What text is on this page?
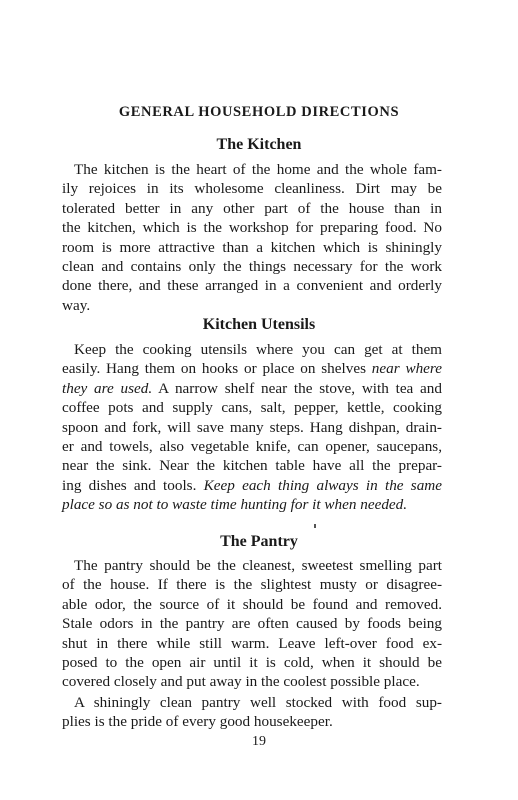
GENERAL HOUSEHOLD DIRECTIONS
The Kitchen
The kitchen is the heart of the home and the whole fam-
ily rejoices in its wholesome cleanliness. Dirt may be
tolerated better in any other part of the house than in
the kitchen, which is the workshop for preparing food. No
room is more attractive than a kitchen which is shiningly
clean and contains only the things necessary for the work
done there, and these arranged in a convenient and orderly
way.
Kitchen Utensils
Keep the cooking utensils where you can get at them
easily. Hang them on hooks or place on shelves near where
they are used. A narrow shelf near the stove, with tea and
coffee pots and supply cans, salt, pepper, kettle, cooking
spoon and fork, will save many steps. Hang dishpan, drain-
er and towels, also vegetable knife, can opener, saucepans,
near the sink. Near the kitchen table have all the prepar-
ing dishes and tools. Keep each thing always in the same
place so as not to waste time hunting for it when needed.
The Pantry
The pantry should be the cleanest, sweetest smelling part
of the house. If there is the slightest musty or disagree-
able odor, the source of it should be found and removed.
Stale odors in the pantry are often caused by foods being
shut in there while still warm. Leave left-over food ex-
posed to the open air until it is cold, when it should be
covered closely and put away in the coolest possible place.
A shiningly clean pantry well stocked with food sup-
plies is the pride of every good housekeeper.
19
